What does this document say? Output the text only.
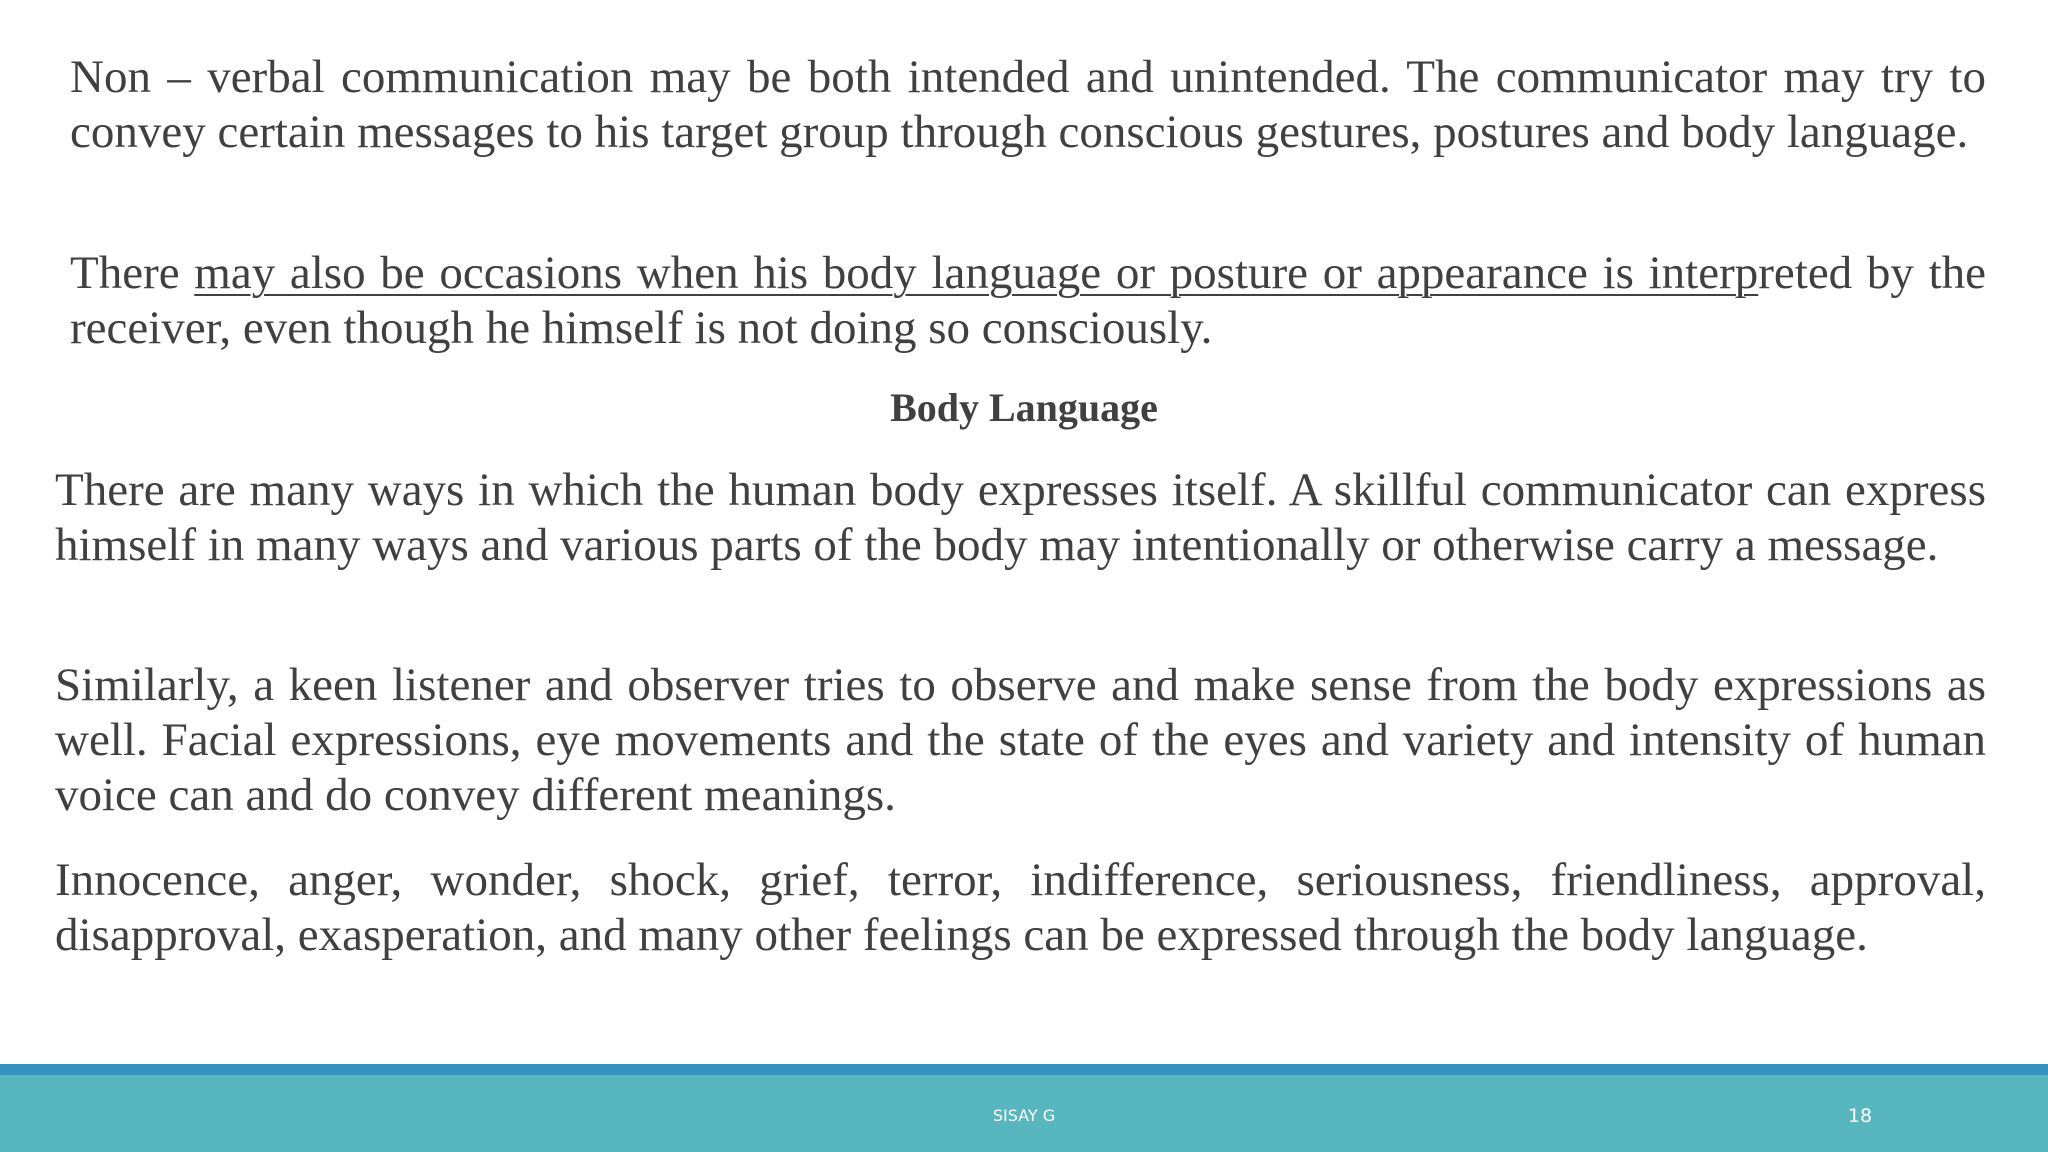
Non – verbal communication may be both intended and unintended. The communicator may try to convey certain messages to his target group through conscious gestures, postures and body language.

There may also be occasions when his body language or posture or appearance is interpreted by the receiver, even though he himself is not doing so consciously.

Body Language

There are many ways in which the human body expresses itself. A skillful communicator can express himself in many ways and various parts of the body may intentionally or otherwise carry a message.

Similarly, a keen listener and observer tries to observe and make sense from the body expressions as well. Facial expressions, eye movements and the state of the eyes and variety and intensity of human voice can and do convey different meanings.

Innocence, anger, wonder, shock, grief, terror, indifference, seriousness, friendliness, approval, disapproval, exasperation, and many other feelings can be expressed through the body language.

SISAY G	18
